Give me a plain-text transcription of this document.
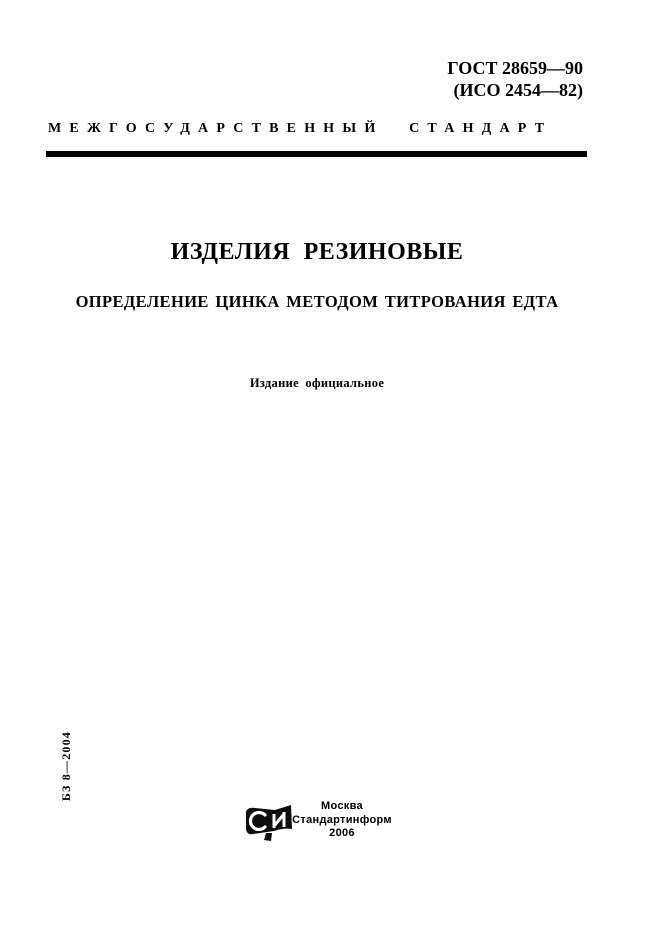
ГОСТ 28659—90
(ИСО 2454—82)
МЕЖГОСУДАРСТВЕННЫЙ СТАНДАРТ
ИЗДЕЛИЯ РЕЗИНОВЫЕ
ОПРЕДЕЛЕНИЕ ЦИНКА МЕТОДОМ ТИТРОВАНИЯ ЕДТА
Издание официальное
БЗ 8—2004
Москва
Стандартинформ
2006
